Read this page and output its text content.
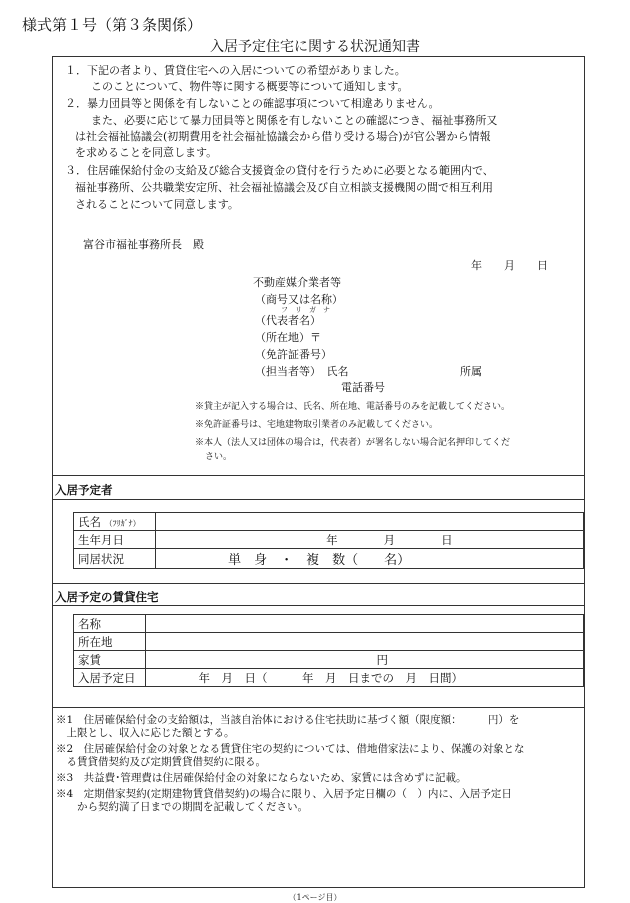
様式第１号（第３条関係）
入居予定住宅に関する状況通知書
１．下記の者より、賃貸住宅への入居についての希望がありました。
このことについて、物件等に関する概要等について通知します。
２．暴力団員等と関係を有しないことの確認事項について相違ありません。
また、必要に応じて暴力団員等と関係を有しないことの確認につき、福祉事務所又
は社会福祉協議会(初期費用を社会福祉協議会から借り受ける場合)が官公署から情報
を求めることを同意します。
３．住居確保給付金の支給及び総合支援資金の貸付を行うために必要となる範囲内で、
福祉事務所、公共職業安定所、社会福祉協議会及び自立相談支援機関の間で相互利用
されることについて同意します。
富谷市福祉事務所長　殿
年　　月　　日
不動産媒介業者等
（商号又は名称）
フ　リ　ガ　ナ
（代表者名）
（所在地）〒
（免許証番号）
（担当者等）　氏名	所属
電話番号
※貸主が記入する場合は、氏名、所在地、電話番号のみを記載してください。
※免許証番号は、宅地建物取引業者のみ記載してください。
※本人（法人又は団体の場合は，代表者）が署名しない場合記名押印してくだ
さい。
入居予定者
氏名 （ﾌﾘｶﾞﾅ）	
生年月日	年　　　　月　　　　日
同居状況	単　身　・　複　数（　　名）
入居予定の賃貸住宅
名称	
所在地	
家賃	円
入居予定日	年　月　日（　　　年　月　日までの　月　日間）
※1　住居確保給付金の支給額は，当該自治体における住宅扶助に基づく額（限度額：　　　円）を
　上限とし、収入に応じた額とする。
※2　住居確保給付金の対象となる賃貸住宅の契約については、借地借家法により、保護の対象とな
　る賃貸借契約及び定期賃貸借契約に限る。
※3　共益費･管理費は住居確保給付金の対象にならないため、家賃には含めずに記載。
※4　定期借家契約(定期建物賃貸借契約)の場合に限り、入居予定日欄の（　）内に、入居予定日
　　から契約満了日までの期間を記載してください。
（1ページ目）
